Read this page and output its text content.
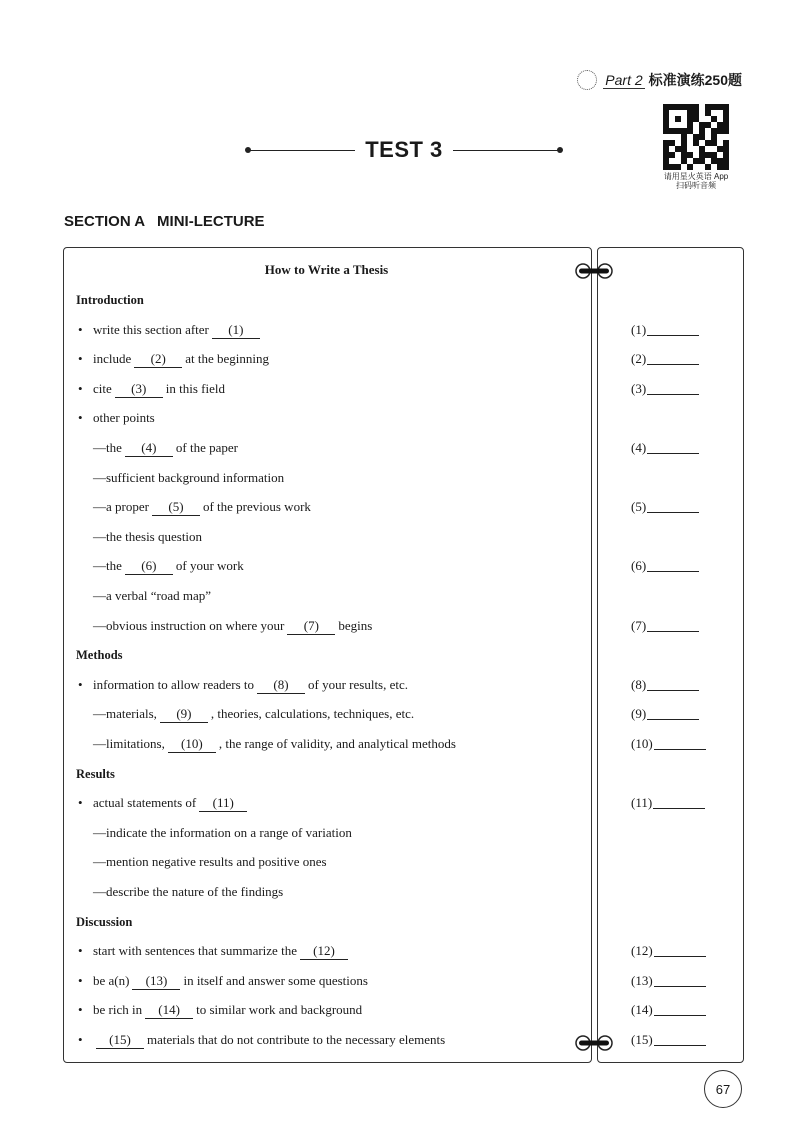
Part 2 标准演练250题
TEST 3
请用星火英语 App
扫码听音频
SECTION A   MINI-LECTURE
How to Write a Thesis
Introduction
(1)
• write this section after (1)
(2)
• include (2) at the beginning
(3)
• cite (3) in this field
• other points
(4)
—the (4) of the paper
—sufficient background information
(5)
—a proper (5) of the previous work
—the thesis question
(6)
—the (6) of your work
—a verbal “road map”
(7)
—obvious instruction on where your (7) begins
Methods
(8)
• information to allow readers to (8) of your results, etc.
(9)
—materials, (9) , theories, calculations, techniques, etc.
(10)
—limitations, (10) , the range of validity, and analytical methods
Results
(11)
• actual statements of (11)
—indicate the information on a range of variation
—mention negative results and positive ones
—describe the nature of the findings
Discussion
(12)
• start with sentences that summarize the (12)
(13)
• be a(n) (13) in itself and answer some questions
(14)
• be rich in (14) to similar work and background
(15)
• (15) materials that do not contribute to the necessary elements
67
